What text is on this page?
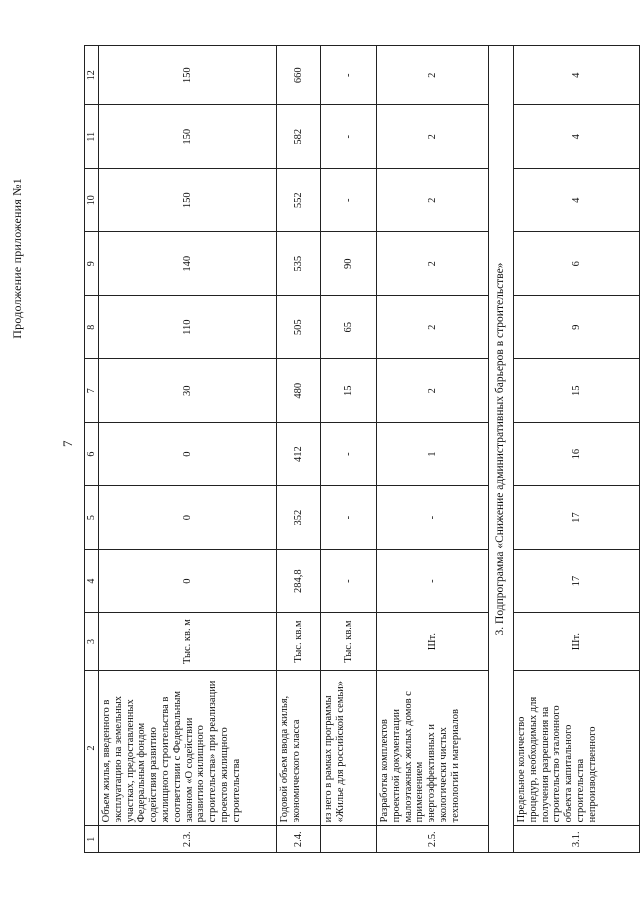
Продолжение приложения №1
7
1	2	3	4	5	6	7	8	9	10	11	12
2.3.	Объем жилья, введенного в эксплуатацию на земельных участках, предоставленных Федеральным фондом содействия развитию жилищного строительства в соответствии с Федеральным законом «О содействии развитию жилищного строительства» при реализации проектов жилищного строительства	Тыс. кв. м	0	0	0	30	110	140	150	150	150
2.4.	Годовой объем ввода жилья, экономического класса	Тыс. кв.м	284,8	352	412	480	505	535	552	582	660
	из него в рамках программы «Жилье для российской семьи»	Тыс. кв.м	-	-	-	15	65	90	-	-	-
2.5.	Разработка комплектов проектной документации малоэтажных жилых домов с применением энергоэффективных и экологически чистых технологий и материалов	Шт.	-	-	1	2	2	2	2	2	2
3. Подпрограмма «Снижение административных барьеров в строительстве»											
3.1.	Предельное количество процедур, необходимых для получения разрешения на строительство эталонного объекта капитального строительства непроизводственного	Шт.	17	17	16	15	9	6	4	4	4
